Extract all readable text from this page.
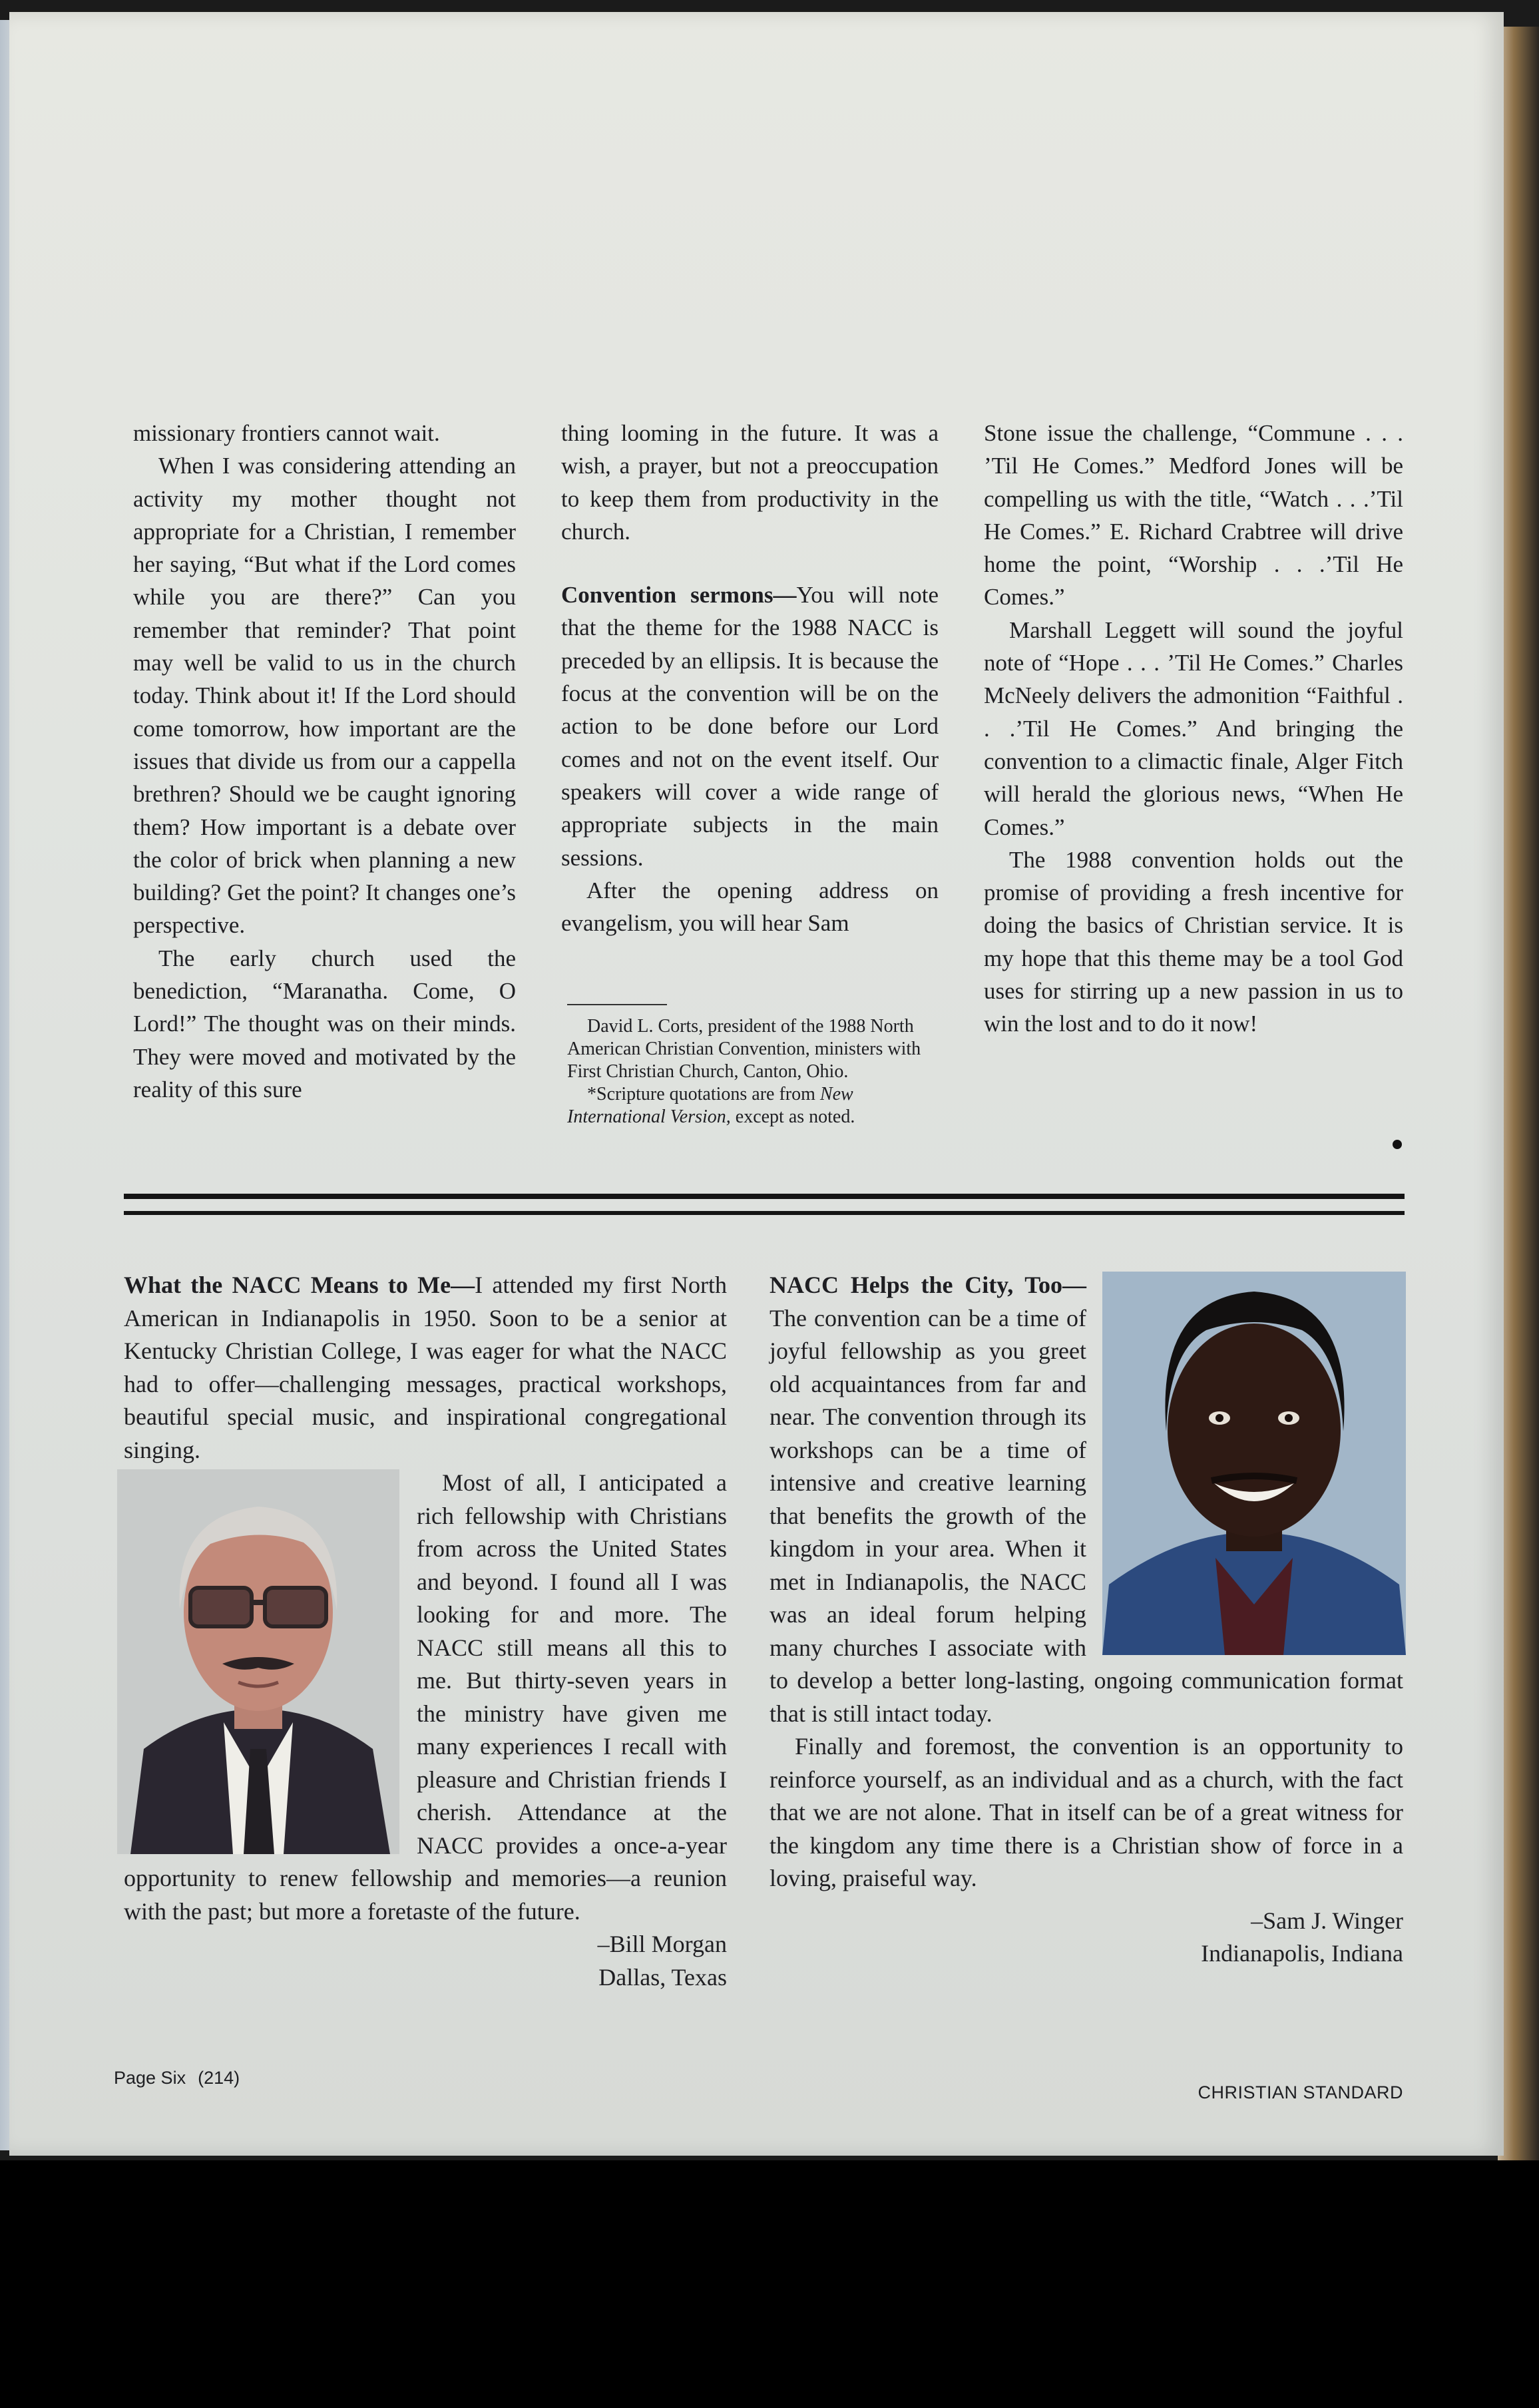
missionary frontiers cannot wait.

When I was considering attending an activity my mother thought not appropriate for a Christian, I remember her saying, “But what if the Lord comes while you are there?” Can you remember that reminder? That point may well be valid to us in the church today. Think about it! If the Lord should come tomorrow, how important are the issues that divide us from our a cappella brethren? Should we be caught ignoring them? How important is a debate over the color of brick when planning a new building? Get the point? It changes one’s perspective.

The early church used the benediction, “Maranatha. Come, O Lord!” The thought was on their minds. They were moved and motivated by the reality of this sure

thing looming in the future. It was a wish, a prayer, but not a preoccupation to keep them from productivity in the church.

Convention sermons—You will note that the theme for the 1988 NACC is preceded by an ellipsis. It is because the focus at the convention will be on the action to be done before our Lord comes and not on the event itself. Our speakers will cover a wide range of appropriate subjects in the main sessions.

After the opening address on evangelism, you will hear Sam

David L. Corts, president of the 1988 North American Christian Convention, ministers with First Christian Church, Canton, Ohio.

*Scripture quotations are from New International Version, except as noted.

Stone issue the challenge, “Commune . . . ’Til He Comes.” Medford Jones will be compelling us with the title, “Watch . . .’Til He Comes.” E. Richard Crabtree will drive home the point, “Worship . . .’Til He Comes.”

Marshall Leggett will sound the joyful note of “Hope . . . ’Til He Comes.” Charles McNeely delivers the admonition “Faithful . . .’Til He Comes.” And bringing the convention to a climactic finale, Alger Fitch will herald the glorious news, “When He Comes.”

The 1988 convention holds out the promise of providing a fresh incentive for doing the basics of Christian service. It is my hope that this theme may be a tool God uses for stirring up a new passion in us to win the lost and to do it now!

What the NACC Means to Me—I attended my first North American in Indianapolis in 1950. Soon to be a senior at Kentucky Christian College, I was eager for what the NACC had to offer—challenging messages, practical workshops, beautiful special music, and inspirational congregational singing.

Most of all, I anticipated a rich fellowship with Christians from across the United States and beyond. I found all I was looking for and more. The NACC still means all this to me. But thirty-seven years in the ministry have given me many experiences I recall with pleasure and Christian friends I cherish. Attendance at the NACC provides a once-a-year opportunity to renew fellowship and memories—a reunion with the past; but more a foretaste of the future.

–Bill Morgan
Dallas, Texas

NACC Helps the City, Too—The convention can be a time of joyful fellowship as you greet old acquaintances from far and near. The convention through its workshops can be a time of intensive and creative learning that benefits the growth of the kingdom in your area. When it met in Indianapolis, the NACC was an ideal forum helping many churches I associate with to develop a better long-lasting, ongoing communication format that is still intact today.

Finally and foremost, the convention is an opportunity to reinforce yourself, as an individual and as a church, with the fact that we are not alone. That in itself can be of a great witness for the kingdom any time there is a Christian show of force in a loving, praiseful way.

–Sam J. Winger
Indianapolis, Indiana
Page Six (214)
CHRISTIAN STANDARD
